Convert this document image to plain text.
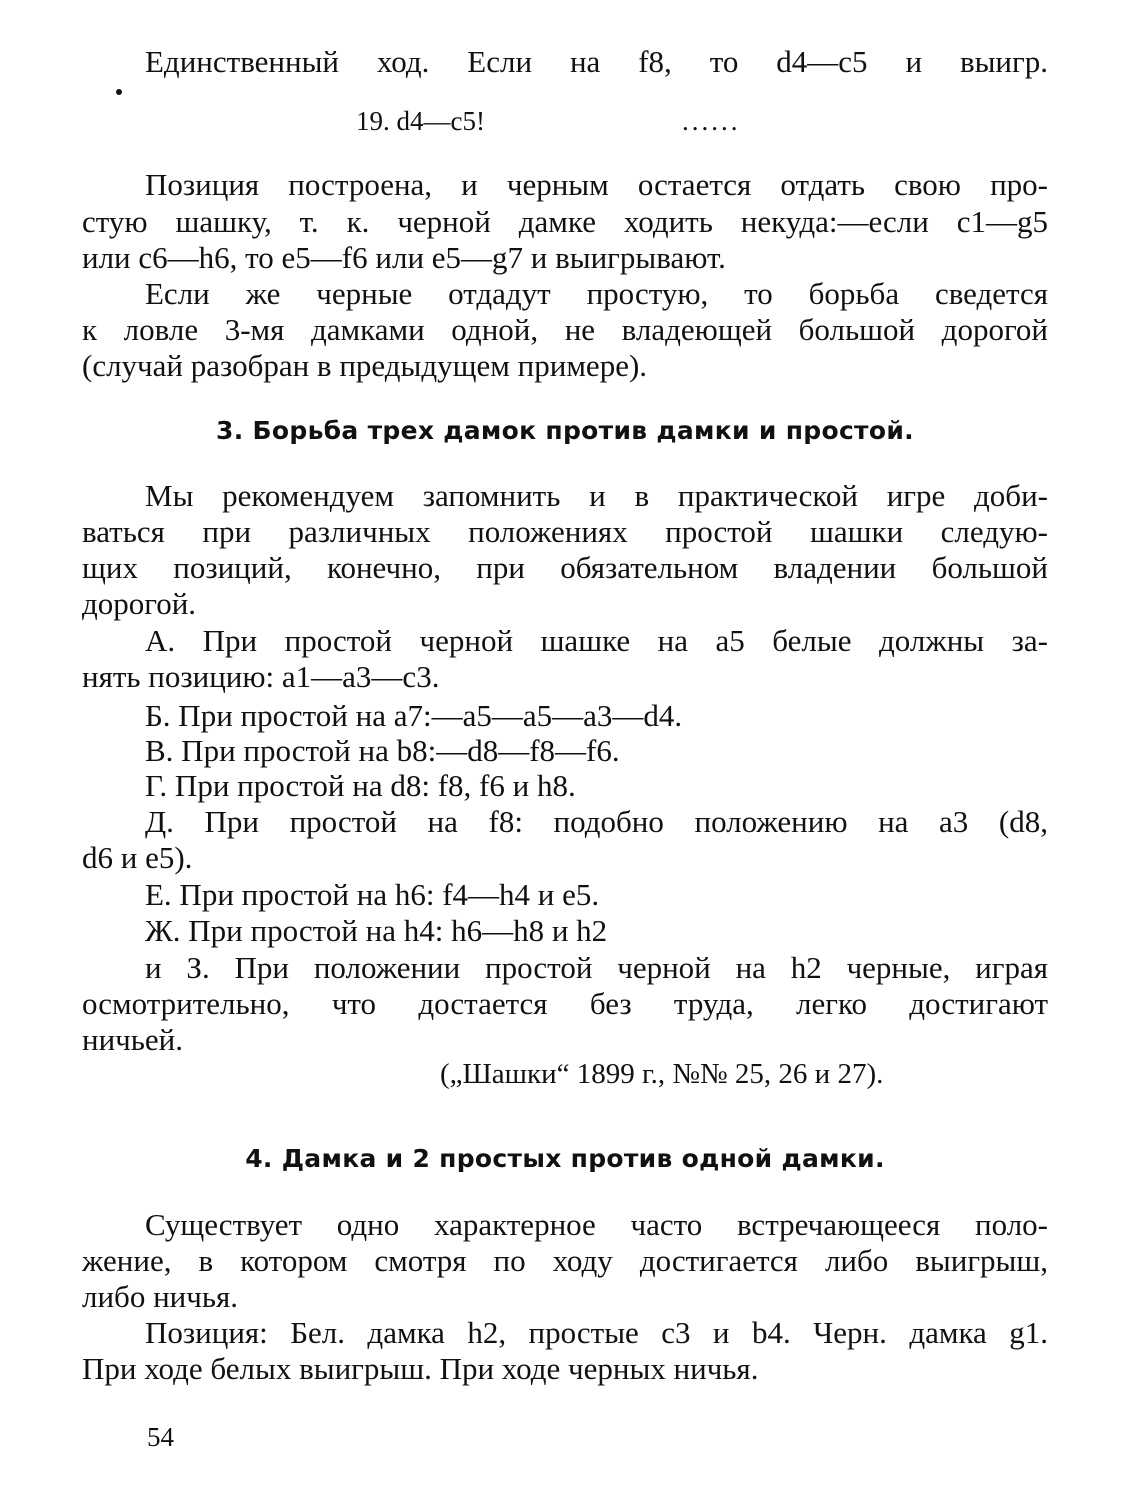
Единственный ход. Если на f8, то d4—c5 и выигр.
19. d4—c5!	......
Позиция построена, и черным остается отдать свою про-
стую шашку, т. к. черной дамке ходить некуда:—если c1—g5
или c6—h6, то e5—f6 или e5—g7 и выигрывают.
Если же черные отдадут простую, то борьба сведется
к ловле 3-мя дамками одной, не владеющей большой дорогой
(случай разобран в предыдущем примере).
3. Борьба трех дамок против дамки и простой.
Мы рекомендуем запомнить и в практической игре доби-
ваться при различных положениях простой шашки следую-
щих позиций, конечно, при обязательном владении большой
дорогой.
А. При простой черной шашке на a5 белые должны за-
нять позицию: a1—a3—c3.
Б. При простой на a7:—a5—a5—a3—d4.
В. При простой на b8:—d8—f8—f6.
Г. При простой на d8: f8, f6 и h8.
Д. При простой на f8: подобно положению на a3 (d8,
d6 и e5).
Е. При простой на h6: f4—h4 и e5.
Ж. При простой на h4: h6—h8 и h2
и З. При положении простой черной на h2 черные, играя
осмотрительно, что достается без труда, легко достигают
ничьей.
(„Шашки“ 1899 г., №№ 25, 26 и 27).
4. Дамка и 2 простых против одной дамки.
Существует одно характерное часто встречающееся поло-
жение, в котором смотря по ходу достигается либо выигрыш,
либо ничья.
Позиция: Бел. дамка h2, простые c3 и b4. Черн. дамка g1.
При ходе белых выигрыш. При ходе черных ничья.
54
